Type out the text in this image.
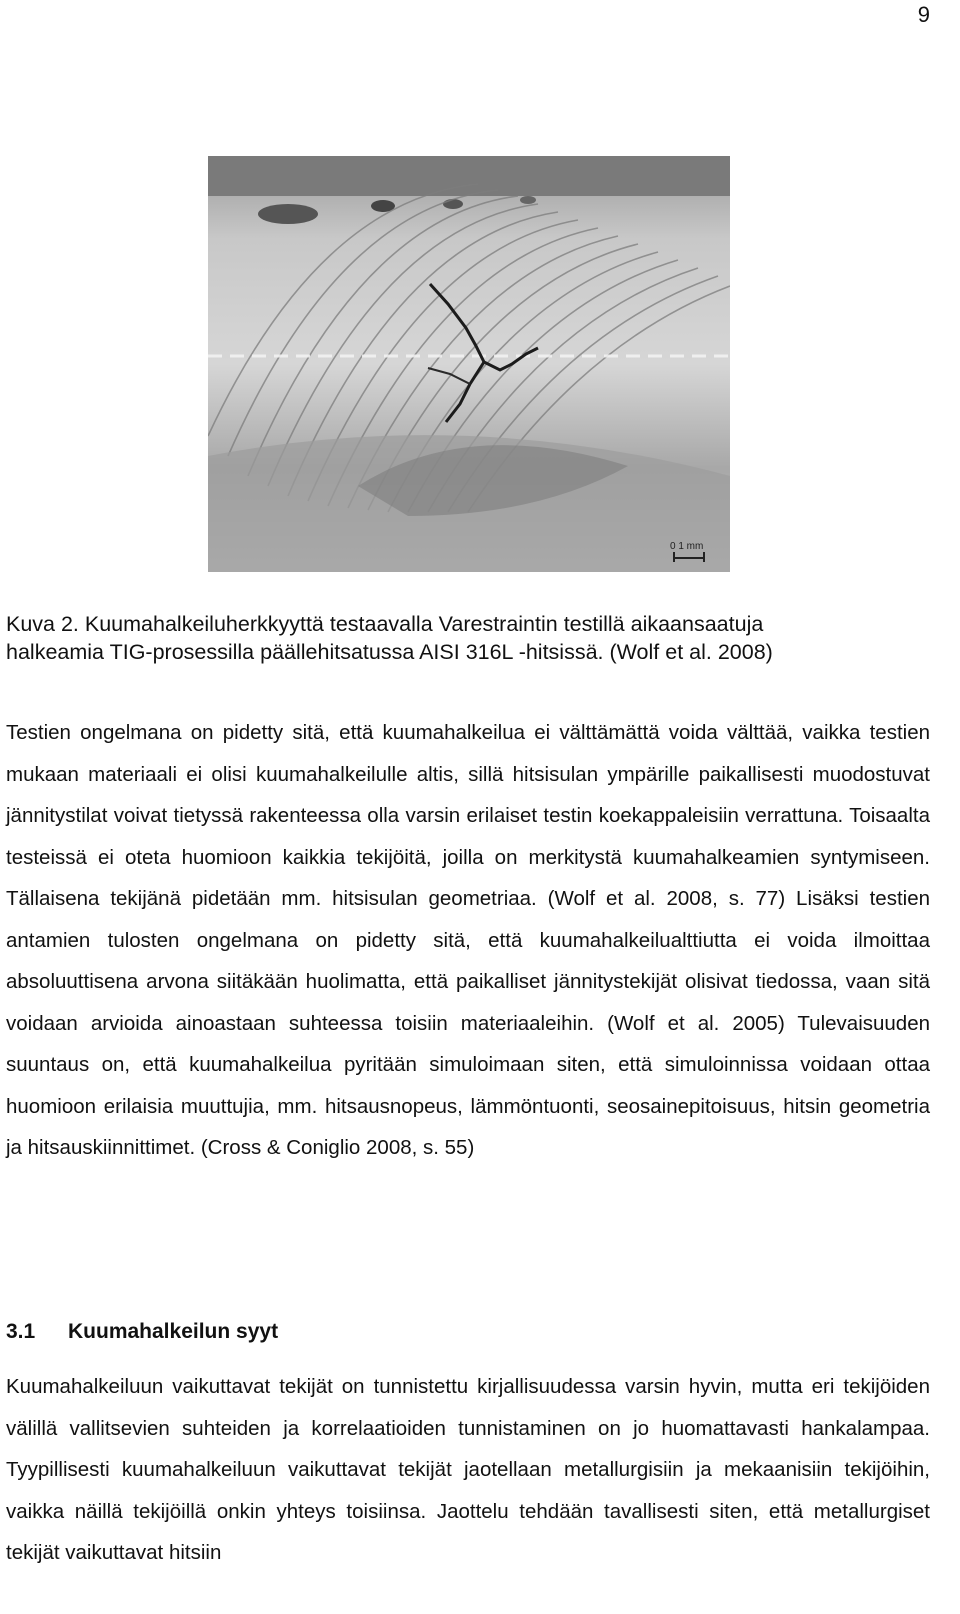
9
0 1 mm
Kuva 2. Kuumahalkeiluherkkyyttä testaavalla Varestraintin testillä aikaansaatuja
halkeamia TIG-prosessilla päällehitsatussa AISI 316L -hitsissä. (Wolf et al. 2008)

Testien ongelmana on pidetty sitä, että kuumahalkeilua ei välttämättä voida välttää, vaikka testien mukaan materiaali ei olisi kuumahalkeilulle altis, sillä hitsisulan ympärille paikallisesti muodostuvat jännitystilat voivat tietyssä rakenteessa olla varsin erilaiset testin koekappaleisiin verrattuna. Toisaalta testeissä ei oteta huomioon kaikkia tekijöitä, joilla on merkitystä kuumahalkeamien syntymiseen. Tällaisena tekijänä pidetään mm. hitsisulan geometriaa. (Wolf et al. 2008, s. 77) Lisäksi testien antamien tulosten ongelmana on pidetty sitä, että kuumahalkeilualttiutta ei voida ilmoittaa absoluuttisena arvona siitäkään huolimatta, että paikalliset jännitystekijät olisivat tiedossa, vaan sitä voidaan arvioida ainoastaan suhteessa toisiin materiaaleihin. (Wolf et al. 2005) Tulevaisuuden suuntaus on, että kuumahalkeilua pyritään simuloimaan siten, että simuloinnissa voidaan ottaa huomioon erilaisia muuttujia, mm. hitsausnopeus, lämmöntuonti, seosainepitoisuus, hitsin geometria ja hitsauskiinnittimet. (Cross & Coniglio 2008, s. 55)

3.1 Kuumahalkeilun syyt

Kuumahalkeiluun vaikuttavat tekijät on tunnistettu kirjallisuudessa varsin hyvin, mutta eri tekijöiden välillä vallitsevien suhteiden ja korrelaatioiden tunnistaminen on jo huomattavasti hankalampaa. Tyypillisesti kuumahalkeiluun vaikuttavat tekijät jaotellaan metallurgisiin ja mekaanisiin tekijöihin, vaikka näillä tekijöillä onkin yhteys toisiinsa. Jaottelu tehdään tavallisesti siten, että metallurgiset tekijät vaikuttavat hitsiin
